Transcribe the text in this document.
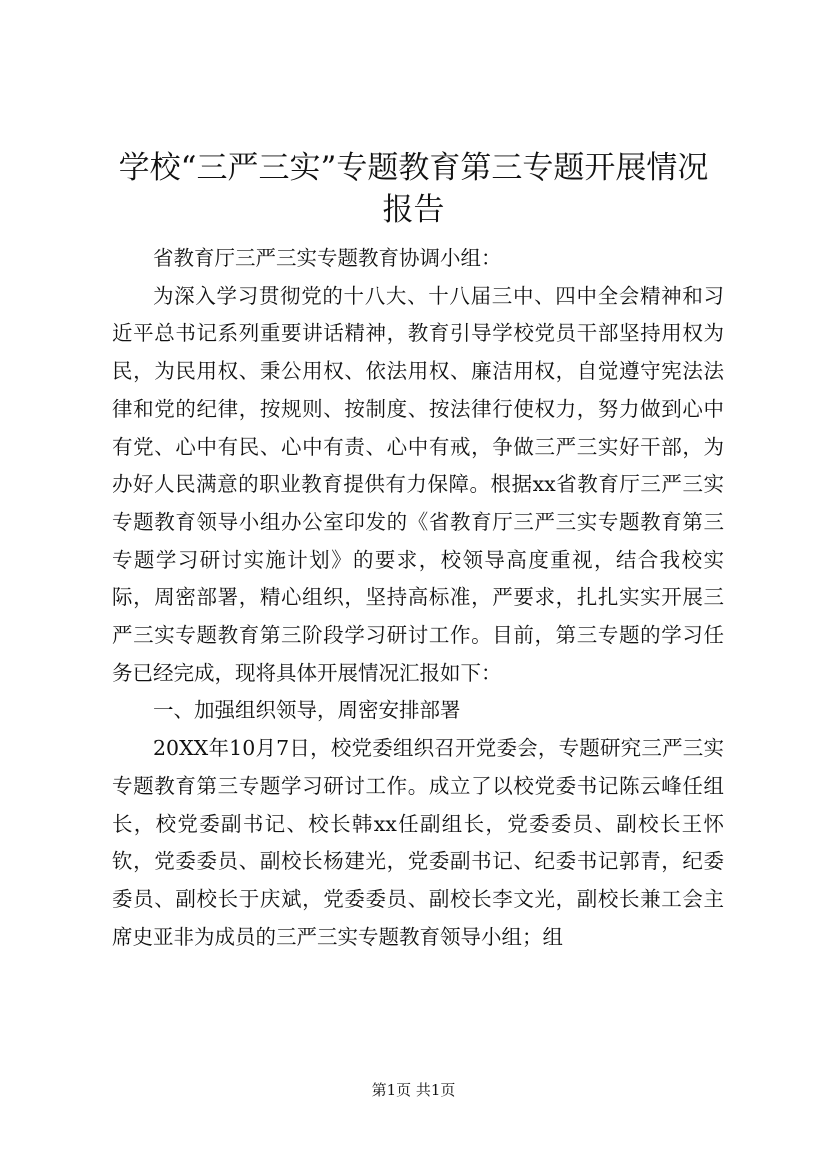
学校“三严三实”专题教育第三专题开展情况
报告

省教育厅三严三实专题教育协调小组：

为深入学习贯彻党的十八大、十八届三中、四中全会精神和习近平总书记系列重要讲话精神，教育引导学校党员干部坚持用权为民，为民用权、秉公用权、依法用权、廉洁用权，自觉遵守宪法法律和党的纪律，按规则、按制度、按法律行使权力，努力做到心中有党、心中有民、心中有责、心中有戒，争做三严三实好干部，为办好人民满意的职业教育提供有力保障。根据xx省教育厅三严三实专题教育领导小组办公室印发的《省教育厅三严三实专题教育第三专题学习研讨实施计划》的要求，校领导高度重视，结合我校实际，周密部署，精心组织，坚持高标准，严要求，扎扎实实开展三严三实专题教育第三阶段学习研讨工作。目前，第三专题的学习任务已经完成，现将具体开展情况汇报如下：

一、加强组织领导，周密安排部署

20XX年10月7日，校党委组织召开党委会，专题研究三严三实专题教育第三专题学习研讨工作。成立了以校党委书记陈云峰任组长，校党委副书记、校长韩xx任副组长，党委委员、副校长王怀钦，党委委员、副校长杨建光，党委副书记、纪委书记郭青，纪委委员、副校长于庆斌，党委委员、副校长李文光，副校长兼工会主席史亚非为成员的三严三实专题教育领导小组；组

第1页 共1页
